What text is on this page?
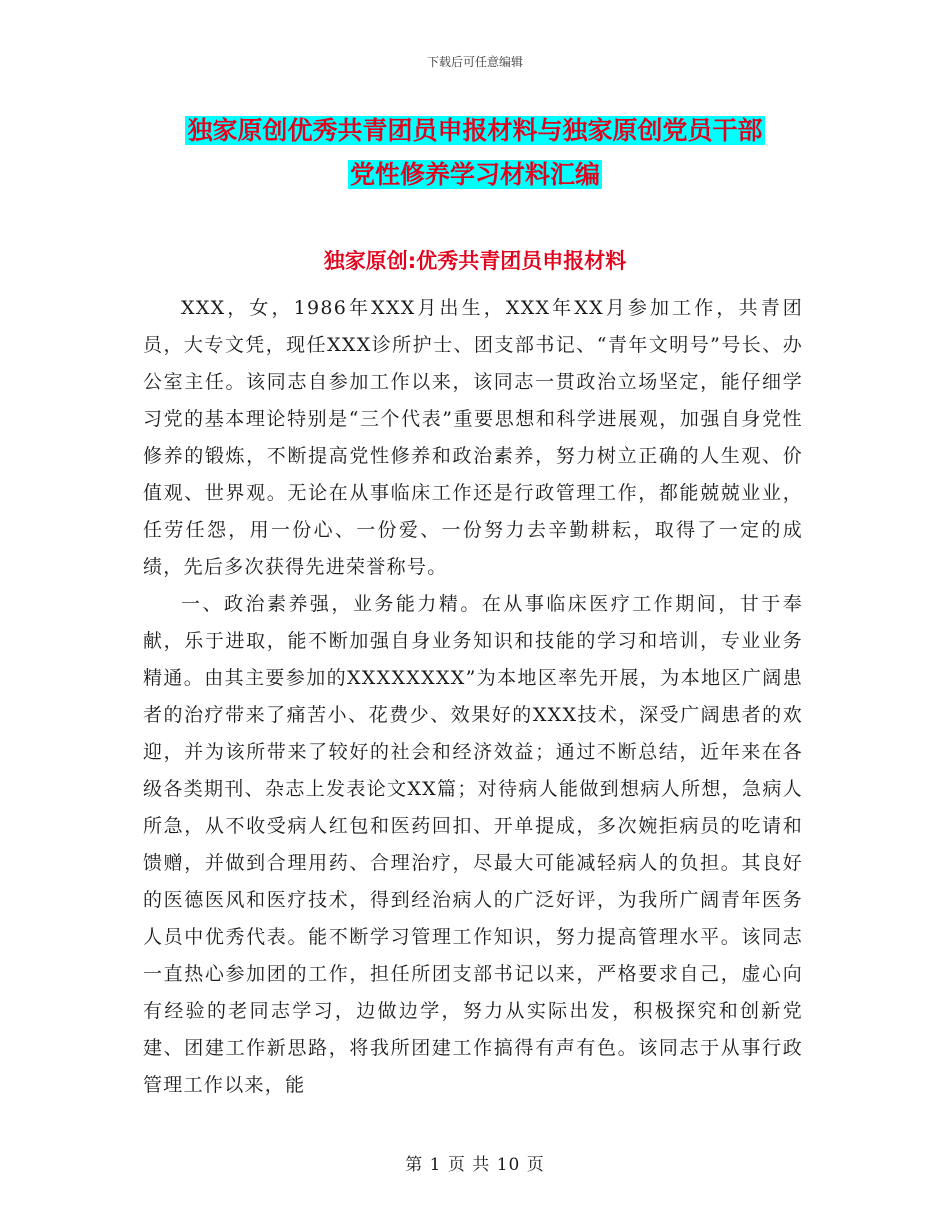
下载后可任意编辑
独家原创优秀共青团员申报材料与独家原创党员干部
党性修养学习材料汇编
独家原创:优秀共青团员申报材料

XXX，女，1986年XXX月出生，XXX年XX月参加工作，共青团员，大专文凭，现任XXX诊所护士、团支部书记、“青年文明号”号长、办公室主任。该同志自参加工作以来，该同志一贯政治立场坚定，能仔细学习党的基本理论特别是“三个代表”重要思想和科学进展观，加强自身党性修养的锻炼，不断提高党性修养和政治素养，努力树立正确的人生观、价值观、世界观。无论在从事临床工作还是行政管理工作，都能兢兢业业，任劳任怨，用一份心、一份爱、一份努力去辛勤耕耘，取得了一定的成绩，先后多次获得先进荣誉称号。

一、政治素养强，业务能力精。在从事临床医疗工作期间，甘于奉献，乐于进取，能不断加强自身业务知识和技能的学习和培训，专业业务精通。由其主要参加的XXXXXXXX”为本地区率先开展，为本地区广阔患者的治疗带来了痛苦小、花费少、效果好的XXX技术，深受广阔患者的欢迎，并为该所带来了较好的社会和经济效益；通过不断总结，近年来在各级各类期刊、杂志上发表论文XX篇；对待病人能做到想病人所想，急病人所急，从不收受病人红包和医药回扣、开单提成，多次婉拒病员的吃请和馈赠，并做到合理用药、合理治疗，尽最大可能减轻病人的负担。其良好的医德医风和医疗技术，得到经治病人的广泛好评，为我所广阔青年医务人员中优秀代表。能不断学习管理工作知识，努力提高管理水平。该同志一直热心参加团的工作，担任所团支部书记以来，严格要求自己，虚心向有经验的老同志学习，边做边学，努力从实际出发，积极探究和创新党建、团建工作新思路，将我所团建工作搞得有声有色。该同志于从事行政管理工作以来，能

第 1 页 共 10 页
